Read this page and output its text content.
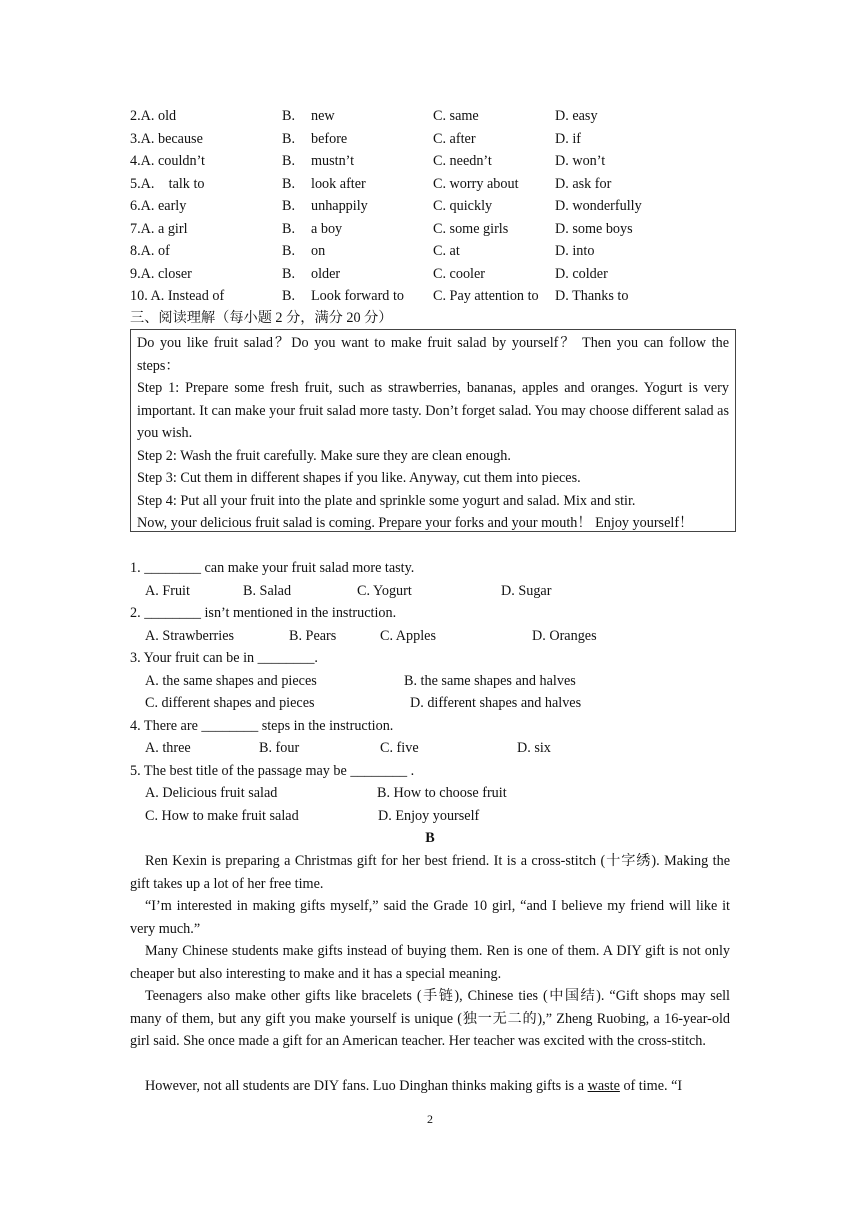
2.A. old	B. new	C. same	D. easy
3.A. because	B. before	C. after	D. if
4.A. couldn’t	B. mustn’t	C. needn’t	D. won’t
5.A.    talk to	B. look after	C. worry about	D. ask for
6.A. early	B. unhappily	C. quickly	D. wonderfully
7.A. a girl	B. a boy	C. some girls	D. some boys
8.A. of	B. on	C. at	D. into
9.A. closer	B. older	C. cooler	D. colder
10. A. Instead of	B. Look forward to C. Pay attention to D. Thanks to
三、阅读理解（每小题 2 分，满分 20 分）

Do you like fruit salad？Do you want to make fruit salad by yourself？ Then you can follow the steps：

Step 1: Prepare some fresh fruit, such as strawberries, bananas, apples and oranges. Yogurt is very important. It can make your fruit salad more tasty. Don’t forget salad. You may choose different salad as you wish.

Step 2: Wash the fruit carefully. Make sure they are clean enough.

Step 3: Cut them in different shapes if you like. Anyway, cut them into pieces.

Step 4: Put all your fruit into the plate and sprinkle some yogurt and salad. Mix and stir.

Now, your delicious fruit salad is coming. Prepare your forks and your mouth！ Enjoy yourself！

1. ________ can make your fruit salad more tasty.
A. Fruit	B. Salad	C. Yogurt	D. Sugar
2. ________ isn’t mentioned in the instruction.
A. Strawberries	B. Pears	C. Apples	D. Oranges
3. Your fruit can be in ________.
A. the same shapes and pieces	B. the same shapes and halves
C. different shapes and pieces	D. different shapes and halves
4. There are ________ steps in the instruction.
A. three	B. four	C. five	D. six
5. The best title of the passage may be ________ .
A. Delicious fruit salad	B. How to choose fruit
C. How to make fruit salad	D. Enjoy yourself
B

Ren Kexin is preparing a Christmas gift for her best friend. It is a cross-stitch (十字绣). Making the gift takes up a lot of her free time.

“I’m interested in making gifts myself,” said the Grade 10 girl, “and I believe my friend will like it very much.”

Many Chinese students make gifts instead of buying them. Ren is one of them. A DIY gift is not only cheaper but also interesting to make and it has a special meaning.

Teenagers also make other gifts like bracelets (手链), Chinese ties (中国结). “Gift shops may sell many of them, but any gift you make yourself is unique (独一无二的),” Zheng Ruobing, a 16-year-old girl said. She once made a gift for an American teacher. Her teacher was excited with the cross-stitch.

However, not all students are DIY fans. Luo Dinghan thinks making gifts is a waste of time. “I

2
